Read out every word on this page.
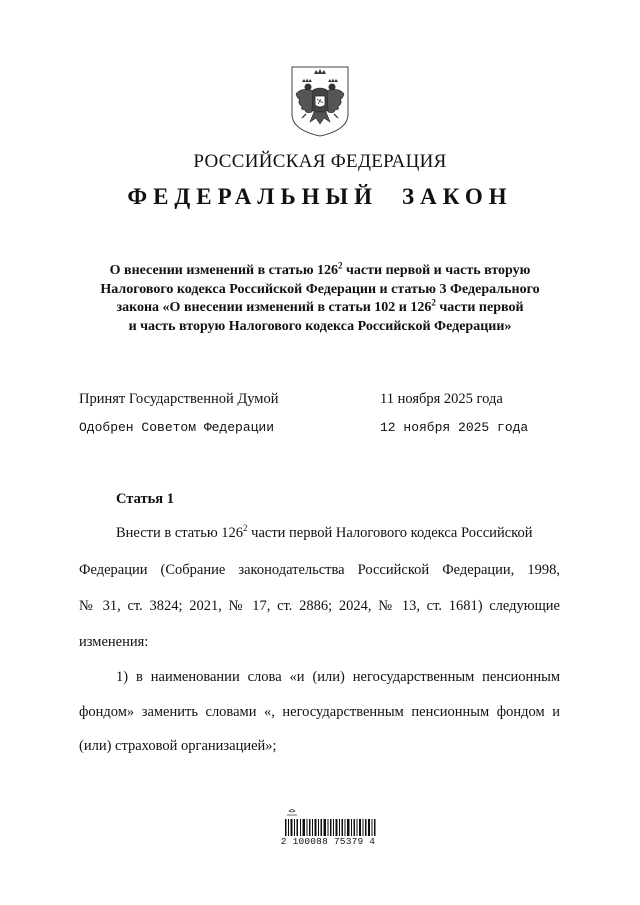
РОССИЙСКАЯ ФЕДЕРАЦИЯ
ФЕДЕРАЛЬНЫЙ ЗАКОН
О внесении изменений в статью $126^2$ части первой и часть вторую
Налогового кодекса Российской Федерации и статью 3 Федерального
закона «О внесении изменений в статьи 102 и $126^2$ части первой
и часть вторую Налогового кодекса Российской Федерации»
Принят Государственной Думой	11 ноября 2025 года
Одобрен Советом Федерации	12 ноября 2025 года
Статья 1
Внести в статью $126^2$ части первой Налогового кодекса Российской
Федерации (Собрание законодательства Российской Федерации, 1998,
№ 31, ст. 3824; 2021, № 17, ст. 2886; 2024, № 13, ст. 1681) следующие
изменения:
1) в наименовании слова «и (или) негосударственным пенсионным
фондом» заменить словами «, негосударственным пенсионным фондом и
(или) страховой организацией»;
2 100088 75379 4
